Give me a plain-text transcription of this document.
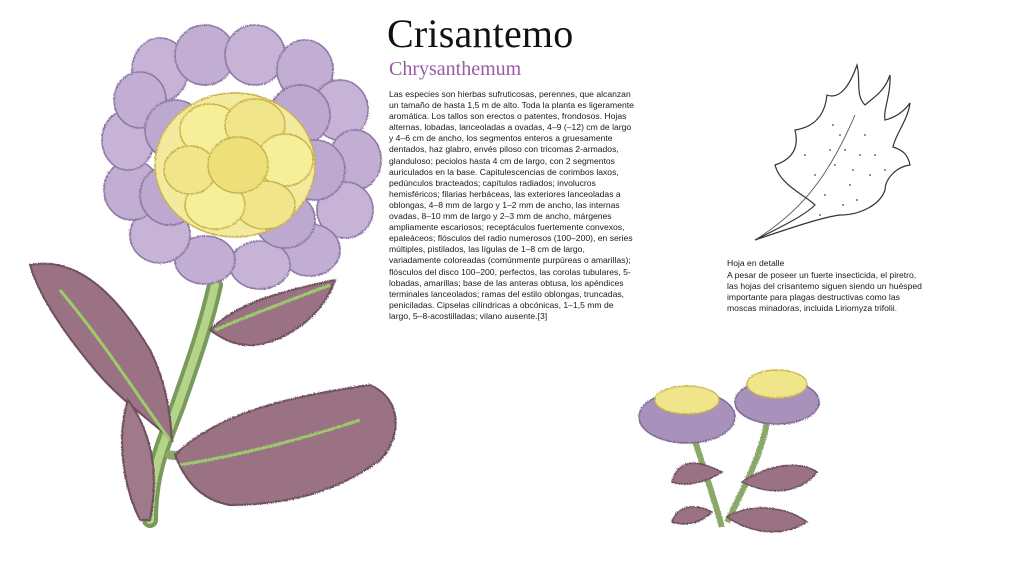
Crisantemo
Chrysanthemum

Las especies son hierbas sufruticosas, perennes, que alcanzan un tamaño de hasta 1,5 m de alto. Toda la planta es ligeramente aromática. Los tallos son erectos o patentes, frondosos. Hojas alternas, lobadas, lanceoladas a ovadas, 4–9 (–12) cm de largo y 4–6 cm de ancho, los segmentos enteros a gruesamente dentados, haz glabro, envés piloso con tricomas 2-armados, glanduloso; peciolos hasta 4 cm de largo, con 2 segmentos auriculados en la base. Capitulescencias de corimbos laxos, pedúnculos bracteados; capítulos radiados; involucros hemisféricos; filarias herbáceas, las exteriores lanceoladas a oblongas, 4–8 mm de largo y 1–2 mm de ancho, las internas ovadas, 8–10 mm de largo y 2–3 mm de ancho, márgenes ampliamente escariosos; receptáculos fuertemente convexos, epaleáceos; flósculos del radio numerosos (100–200), en series múltiples, pistilados, las lígulas de 1–8 cm de largo, variadamente coloreadas (comúnmente purpúreas o amarillas); flósculos del disco 100–200, perfectos, las corolas tubulares, 5-lobadas, amarillas; base de las anteras obtusa, los apéndices terminales lanceolados; ramas del estilo oblongas, truncadas, peniciladas. Cipselas cilíndricas a obcónicas, 1–1,5 mm de largo, 5–8-acostilladas; vilano ausente.[3]

Hoja en detalle
A pesar de poseer un fuerte insecticida, el piretro, las hojas del crisantemo siguen siendo un huésped importante para plagas destructivas como las moscas minadoras, incluida Liriomyza trifolii.
